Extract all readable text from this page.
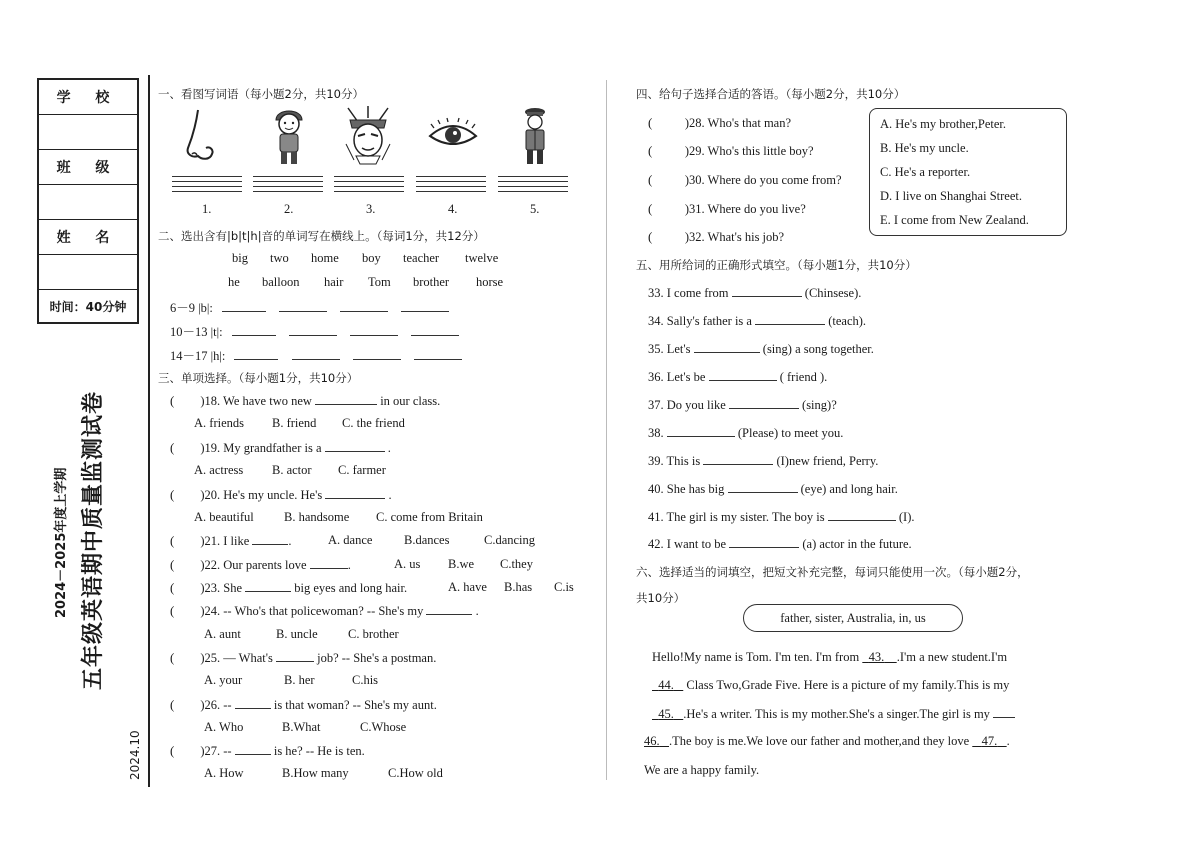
学 校
班 级
姓 名
时间：40分钟
2024－2025年度上学期 五年级英语期中质量监测试卷
2024.10
一、看图写词语（每小题2分，共10分）
1.	2.	3.	4.	5.
二、选出含有|b|t|h|音的单词写在横线上。（每词1分，共12分）
big two home boy teacher twelve
he balloon hair Tom brother horse
6－9 |b|:
10－13 |t|:
14－17 |h|:
三、单项选择。（每小题1分，共10分）
(        )18. We have two new	in our class.
A. friends B. friend C. the friend
(        )19. My grandfather is a	.
A. actress B. actor C. farmer
(        )20. He's my uncle. He's	.
A. beautiful B. handsome C. come from Britain
(        )21. I like	.	A. dance	B.dances	C.dancing
(        )22. Our parents love	.	A. us B.we C.they
(        )23. She	big eyes and long hair.	A. have B.has C.is
(        )24. -- Who's that policewoman? -- She's my	.
A. aunt	B. uncle C. brother
(        )25. — What's	job? -- She's a postman.
A. your	B. her	C.his
(        )26. --	is that woman? -- She's my aunt.
A. Who	B.What	C.Whose
(        )27. --	is he? -- He is ten.
A. How	B.How many	C.How old
四、给句子选择合适的答语。（每小题2分，共10分）
(          )28. Who's that man?
(          )29. Who's this little boy?
(          )30. Where do you come from?
(          )31. Where do you live?
(          )32. What's his job?
A. He's my brother,Peter.
B. He's my uncle.
C. He's a reporter.
D. I live on Shanghai Street.
E. I come from New Zealand.
五、用所给词的正确形式填空。（每小题1分，共10分）
33. I come from	(Chinsese).
34. Sally's father is a	(teach).
35. Let's	(sing) a song together.
36. Let's be	( friend ).
37. Do you like	(sing)?
38.	(Please) to meet you.
39. This is	(I)new friend, Perry.
40. She has big	(eye) and long hair.
41. The girl is my sister. The boy is	(I).
42. I want to be	(a) actor in the future.
六、选择适当的词填空，把短文补充完整，每词只能使用一次。（每小题2分，
共10分）
father, sister, Australia, in, us
Hello!My name is Tom. I'm ten. I'm from 43. .I'm a new student.I'm
44. Class Two,Grade Five. Here is a picture of my family.This is my
45. .He's a writer. This is my mother.She's a singer.The girl is my
46. .The boy is me.We love our father and mother,and they love 47. .
We are a happy family.
